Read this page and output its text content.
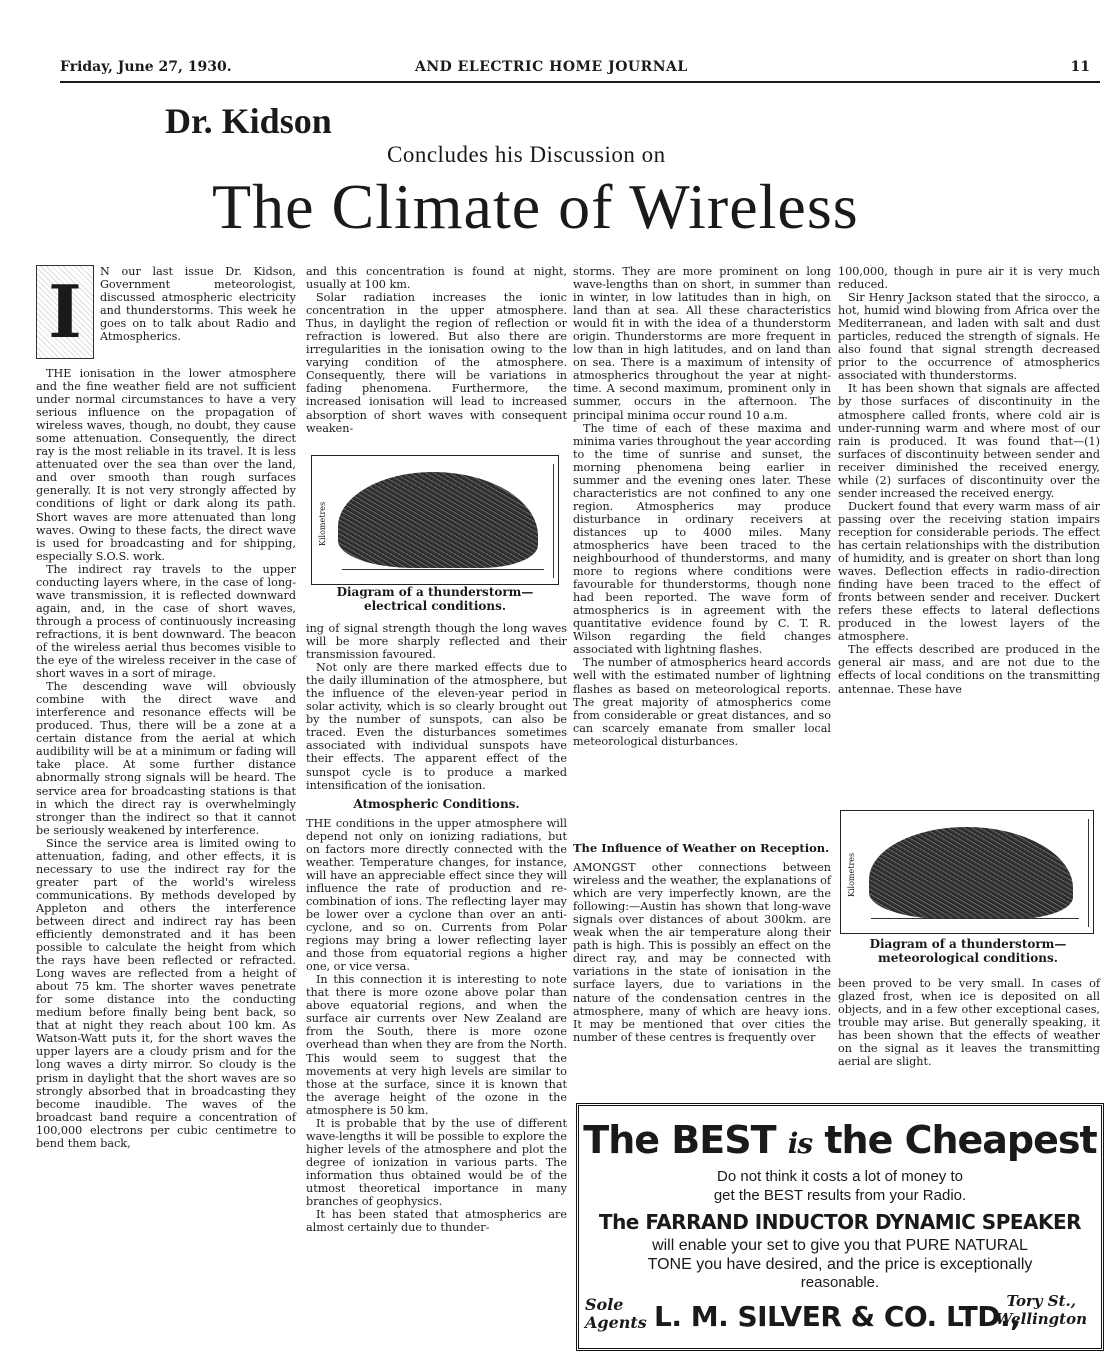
Friday, June 27, 1930.	AND ELECTRIC HOME JOURNAL	11
Dr. Kidson
Concludes his Discussion on
The Climate of Wireless
I	N our last issue Dr. Kidson, Government meteorologist, discussed atmospheric electricity and thunderstorms. This week he goes on to talk about Radio and Atmospherics.

THE ionisation in the lower atmosphere and the fine weather field are not sufficient under normal circumstances to have a very serious influence on the propagation of wireless waves, though, no doubt, they cause some attenuation. Consequently, the direct ray is the most reliable in its travel. It is less attenuated over the sea than over the land, and over smooth than rough surfaces generally. It is not very strongly affected by conditions of light or dark along its path. Short waves are more attenuated than long waves. Owing to these facts, the direct wave is used for broadcasting and for shipping, especially S.O.S. work.

The indirect ray travels to the upper conducting layers where, in the case of long-wave transmission, it is reflected downward again, and, in the case of short waves, through a process of continuously increasing refractions, it is bent downward. The beacon of the wireless aerial thus becomes visible to the eye of the wireless receiver in the case of short waves in a sort of mirage.

The descending wave will obviously combine with the direct wave and interference and resonance effects will be produced. Thus, there will be a zone at a certain distance from the aerial at which audibility will be at a minimum or fading will take place. At some further distance abnormally strong signals will be heard. The service area for broadcasting stations is that in which the direct ray is overwhelmingly stronger than the indirect so that it cannot be seriously weakened by interference.

Since the service area is limited owing to attenuation, fading, and other effects, it is necessary to use the indirect ray for the greater part of the world's wireless communications. By methods developed by Appleton and others the interference between direct and indirect ray has been efficiently demonstrated and it has been possible to calculate the height from which the rays have been reflected or refracted. Long waves are reflected from a height of about 75 km. The shorter waves penetrate for some distance into the conducting medium before finally being bent back, so that at night they reach about 100 km. As Watson-Watt puts it, for the short waves the upper layers are a cloudy prism and for the long waves a dirty mirror. So cloudy is the prism in daylight that the short waves are so strongly absorbed that in broadcasting they become inaudible. The waves of the broadcast band require a concentration of 100,000 electrons per cubic centimetre to bend them back,

and this concentration is found at night, usually at 100 km.

Solar radiation increases the ionic concentration in the upper atmosphere. Thus, in daylight the region of reflection or refraction is lowered. But also there are irregularities in the ionisation owing to the varying condition of the atmosphere. Consequently, there will be variations in fading phenomena. Furthermore, the increased ionisation will lead to increased absorption of short waves with consequent weaken-

Kilometres
Diagram of a thunderstorm—electrical conditions.

ing of signal strength though the long waves will be more sharply reflected and their transmission favoured.

Not only are there marked effects due to the daily illumination of the atmosphere, but the influence of the eleven-year period in solar activity, which is so clearly brought out by the number of sunspots, can also be traced. Even the disturbances sometimes associated with individual sunspots have their effects. The apparent effect of the sunspot cycle is to produce a marked intensification of the ionisation.

Atmospheric Conditions.

THE conditions in the upper atmosphere will depend not only on ionizing radiations, but on factors more directly connected with the weather. Temperature changes, for instance, will have an appreciable effect since they will influence the rate of production and re-combination of ions. The reflecting layer may be lower over a cyclone than over an anti-cyclone, and so on. Currents from Polar regions may bring a lower reflecting layer and those from equatorial regions a higher one, or vice versa.

In this connection it is interesting to note that there is more ozone above polar than above equatorial regions, and when the surface air currents over New Zealand are from the South, there is more ozone overhead than when they are from the North. This would seem to suggest that the movements at very high levels are similar to those at the surface, since it is known that the average height of the ozone in the atmosphere is 50 km.

It is probable that by the use of different wave-lengths it will be possible to explore the higher levels of the atmosphere and plot the degree of ionization in various parts. The information thus obtained would be of the utmost theoretical importance in many branches of geophysics.

It has been stated that atmospherics are almost certainly due to thunder-

storms. They are more prominent on long wave-lengths than on short, in summer than in winter, in low latitudes than in high, on land than at sea. All these characteristics would fit in with the idea of a thunderstorm origin. Thunderstorms are more frequent in low than in high latitudes, and on land than on sea. There is a maximum of intensity of atmospherics throughout the year at night-time. A second maximum, prominent only in summer, occurs in the afternoon. The principal minima occur round 10 a.m.

The time of each of these maxima and minima varies throughout the year according to the time of sunrise and sunset, the morning phenomena being earlier in summer and the evening ones later. These characteristics are not confined to any one region. Atmospherics may produce disturbance in ordinary receivers at distances up to 4000 miles. Many atmospherics have been traced to the neighbourhood of thunderstorms, and many more to regions where conditions were favourable for thunderstorms, though none had been reported. The wave form of atmospherics is in agreement with the quantitative evidence found by C. T. R. Wilson regarding the field changes associated with lightning flashes.

The number of atmospherics heard accords well with the estimated number of lightning flashes as based on meteorological reports. The great majority of atmospherics come from considerable or great distances, and so can scarcely emanate from smaller local meteorological disturbances.

The Influence of Weather on Reception.

AMONGST other connections between wireless and the weather, the explanations of which are very imperfectly known, are the following:—Austin has shown that long-wave signals over distances of about 300km. are weak when the air temperature along their path is high. This is possibly an effect on the direct ray, and may be connected with variations in the state of ionisation in the surface layers, due to variations in the nature of the condensation centres in the atmosphere, many of which are heavy ions. It may be mentioned that over cities the number of these centres is frequently over

100,000, though in pure air it is very much reduced.

Sir Henry Jackson stated that the sirocco, a hot, humid wind blowing from Africa over the Mediterranean, and laden with salt and dust particles, reduced the strength of signals. He also found that signal strength decreased prior to the occurrence of atmospherics associated with thunderstorms.

It has been shown that signals are affected by those surfaces of discontinuity in the atmosphere called fronts, where cold air is under-running warm and where most of our rain is produced. It was found that—(1) surfaces of discontinuity between sender and receiver diminished the received energy, while (2) surfaces of discontinuity over the sender increased the received energy.

Duckert found that every warm mass of air passing over the receiving station impairs reception for considerable periods. The effect has certain relationships with the distribution of humidity, and is greater on short than long waves. Deflection effects in radio-direction finding have been traced to the effect of fronts between sender and receiver. Duckert refers these effects to lateral deflections produced in the lowest layers of the atmosphere.

The effects described are produced in the general air mass, and are not due to the effects of local conditions on the transmitting antennae. These have

Kilometres
Diagram of a thunderstorm—meteorological conditions.

been proved to be very small. In cases of glazed frost, when ice is deposited on all objects, and in a few other exceptional cases, trouble may arise. But generally speaking, it has been shown that the effects of weather on the signal as it leaves the transmitting aerial are slight.

The BEST is the Cheapest
Do not think it costs a lot of money to
get the BEST results from your Radio.
The FARRAND INDUCTOR DYNAMIC SPEAKER
will enable your set to give you that PURE NATURAL
TONE you have desired, and the price is exceptionally
reasonable.
Sole
Agents L. M. SILVER & CO. LTD.,
Tory St.,
Wellington
